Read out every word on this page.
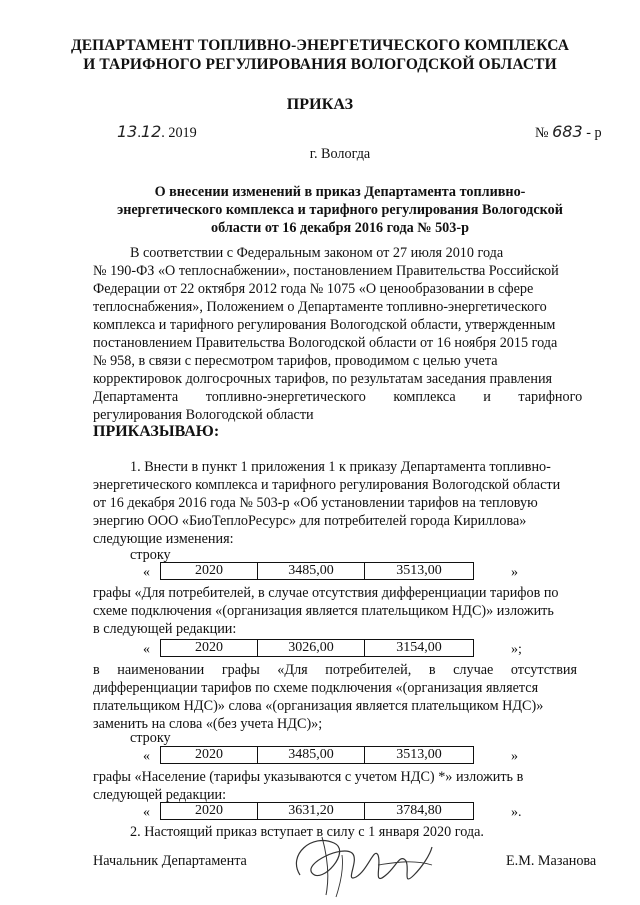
ДЕПАРТАМЕНТ ТОПЛИВНО-ЭНЕРГЕТИЧЕСКОГО КОМПЛЕКСА
И ТАРИФНОГО РЕГУЛИРОВАНИЯ ВОЛОГОДСКОЙ ОБЛАСТИ
ПРИКАЗ
13.12. 2019	№ 683 - р
г. Вологда
О внесении изменений в приказ Департамента топливно-
энергетического комплекса и тарифного регулирования Вологодской
области от 16 декабря 2016 года № 503-р
В соответствии с Федеральным законом от 27 июля 2010 года
№ 190-ФЗ «О теплоснабжении», постановлением Правительства Российской
Федерации от 22 октября 2012 года № 1075 «О ценообразовании в сфере
теплоснабжения», Положением о Департаменте топливно-энергетического
комплекса и тарифного регулирования Вологодской области, утвержденным
постановлением Правительства Вологодской области от 16 ноября 2015 года
№ 958, в связи с пересмотром тарифов, проводимом с целью учета
корректировок долгосрочных тарифов, по результатам заседания правления
Департамента топливно-энергетического комплекса и тарифного
регулирования Вологодской области
ПРИКАЗЫВАЮ:
1. Внести в пункт 1 приложения 1 к приказу Департамента топливно-
энергетического комплекса и тарифного регулирования Вологодской области
от 16 декабря 2016 года № 503-р «Об установлении тарифов на тепловую
энергию ООО «БиоТеплоРесурс» для потребителей города Кириллова»
следующие изменения:
строку
«	2020	3485,00	3513,00	»
графы «Для потребителей, в случае отсутствия дифференциации тарифов по
схеме подключения «(организация является плательщиком НДС)» изложить
в следующей редакции:
«	2020	3026,00	3154,00	»;
в наименовании графы «Для потребителей, в случае отсутствия
дифференциации тарифов по схеме подключения «(организация является
плательщиком НДС)» слова «(организация является плательщиком НДС)»
заменить на слова «(без учета НДС)»;
строку
«	2020	3485,00	3513,00	»
графы «Население (тарифы указываются с учетом НДС) *» изложить в
следующей редакции:
«	2020	3631,20	3784,80	».
2. Настоящий приказ вступает в силу с 1 января 2020 года.
Начальник Департамента	Е.М. Мазанова
